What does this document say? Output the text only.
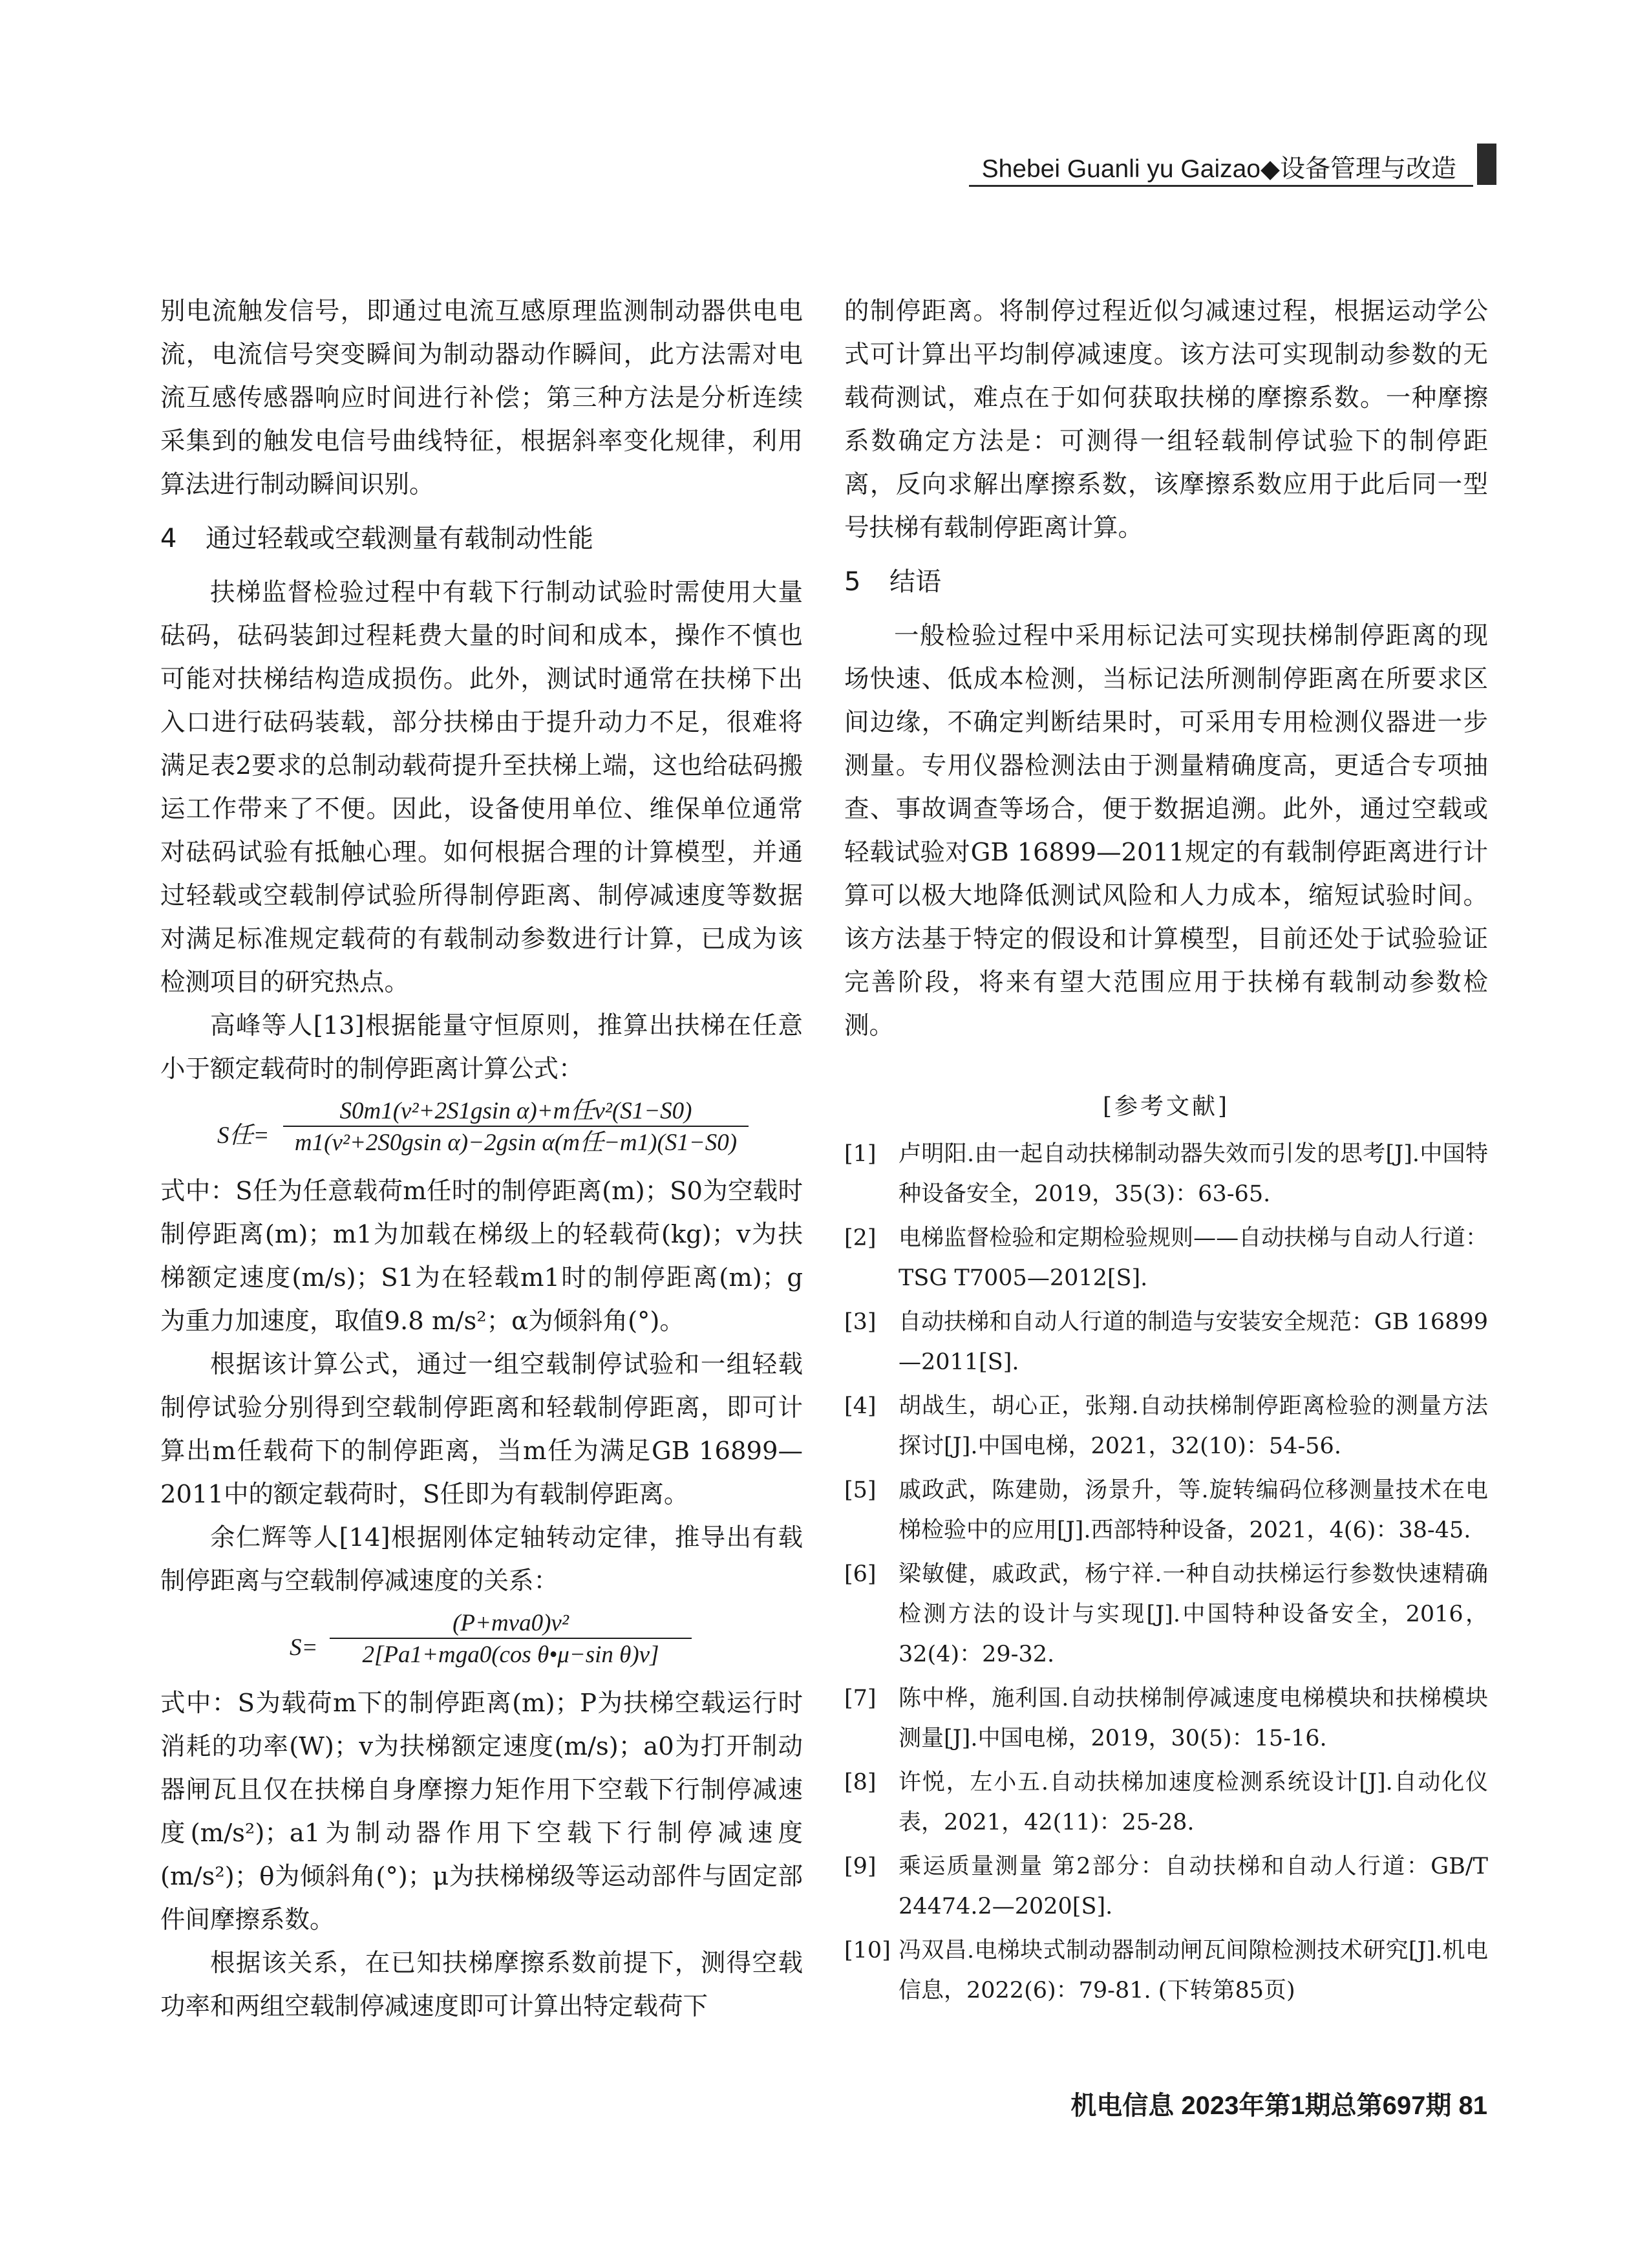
Shebei Guanli yu Gaizao◆设备管理与改造

别电流触发信号，即通过电流互感原理监测制动器供电电流，电流信号突变瞬间为制动器动作瞬间，此方法需对电流互感传感器响应时间进行补偿；第三种方法是分析连续采集到的触发电信号曲线特征，根据斜率变化规律，利用算法进行制动瞬间识别。

4 通过轻载或空载测量有载制动性能

扶梯监督检验过程中有载下行制动试验时需使用大量砝码，砝码装卸过程耗费大量的时间和成本，操作不慎也可能对扶梯结构造成损伤。此外，测试时通常在扶梯下出入口进行砝码装载，部分扶梯由于提升动力不足，很难将满足表2要求的总制动载荷提升至扶梯上端，这也给砝码搬运工作带来了不便。因此，设备使用单位、维保单位通常对砝码试验有抵触心理。如何根据合理的计算模型，并通过轻载或空载制停试验所得制停距离、制停减速度等数据对满足标准规定载荷的有载制动参数进行计算，已成为该检测项目的研究热点。

高峰等人[13]根据能量守恒原则，推算出扶梯在任意小于额定载荷时的制停距离计算公式：

S任=
S0m1(v²+2S1gsin α)+m任v²(S1−S0)
m1(v²+2S0gsin α)−2gsin α(m任−m1)(S1−S0)

式中：S任为任意载荷m任时的制停距离(m)；S0为空载时制停距离(m)；m1为加载在梯级上的轻载荷(kg)；v为扶梯额定速度(m/s)；S1为在轻载m1时的制停距离(m)；g为重力加速度，取值9.8 m/s²；α为倾斜角(°)。

根据该计算公式，通过一组空载制停试验和一组轻载制停试验分别得到空载制停距离和轻载制停距离，即可计算出m任载荷下的制停距离，当m任为满足GB 16899—2011中的额定载荷时，S任即为有载制停距离。

余仁辉等人[14]根据刚体定轴转动定律，推导出有载制停距离与空载制停减速度的关系：

S=
(P+mva0)v²
2[Pa1+mga0(cos θ•μ−sin θ)v]

式中：S为载荷m下的制停距离(m)；P为扶梯空载运行时消耗的功率(W)；v为扶梯额定速度(m/s)；a0为打开制动器闸瓦且仅在扶梯自身摩擦力矩作用下空载下行制停减速度(m/s²)；a1为制动器作用下空载下行制停减速度(m/s²)；θ为倾斜角(°)；μ为扶梯梯级等运动部件与固定部件间摩擦系数。

根据该关系，在已知扶梯摩擦系数前提下，测得空载功率和两组空载制停减速度即可计算出特定载荷下

的制停距离。将制停过程近似匀减速过程，根据运动学公式可计算出平均制停减速度。该方法可实现制动参数的无载荷测试，难点在于如何获取扶梯的摩擦系数。一种摩擦系数确定方法是：可测得一组轻载制停试验下的制停距离，反向求解出摩擦系数，该摩擦系数应用于此后同一型号扶梯有载制停距离计算。

5 结语

一般检验过程中采用标记法可实现扶梯制停距离的现场快速、低成本检测，当标记法所测制停距离在所要求区间边缘，不确定判断结果时，可采用专用检测仪器进一步测量。专用仪器检测法由于测量精确度高，更适合专项抽查、事故调查等场合，便于数据追溯。此外，通过空载或轻载试验对GB 16899—2011规定的有载制停距离进行计算可以极大地降低测试风险和人力成本，缩短试验时间。该方法基于特定的假设和计算模型，目前还处于试验验证完善阶段，将来有望大范围应用于扶梯有载制动参数检测。

[参考文献]
[1] 卢明阳.由一起自动扶梯制动器失效而引发的思考[J].中国特种设备安全，2019，35(3)：63-65.
[2] 电梯监督检验和定期检验规则——自动扶梯与自动人行道：TSG T7005—2012[S].
[3] 自动扶梯和自动人行道的制造与安装安全规范：GB 16899—2011[S].
[4] 胡战生，胡心正，张翔.自动扶梯制停距离检验的测量方法探讨[J].中国电梯，2021，32(10)：54-56.
[5] 戚政武，陈建勋，汤景升，等.旋转编码位移测量技术在电梯检验中的应用[J].西部特种设备，2021，4(6)：38-45.
[6] 梁敏健，戚政武，杨宁祥.一种自动扶梯运行参数快速精确检测方法的设计与实现[J].中国特种设备安全，2016，32(4)：29-32.
[7] 陈中桦，施利国.自动扶梯制停减速度电梯模块和扶梯模块测量[J].中国电梯，2019，30(5)：15-16.
[8] 许悦，左小五.自动扶梯加速度检测系统设计[J].自动化仪表，2021，42(11)：25-28.
[9] 乘运质量测量 第2部分：自动扶梯和自动人行道：GB/T 24474.2—2020[S].
[10] 冯双昌.电梯块式制动器制动闸瓦间隙检测技术研究[J].机电信息，2022(6)：79-81. (下转第85页)
机电信息 2023年第1期总第697期 81
